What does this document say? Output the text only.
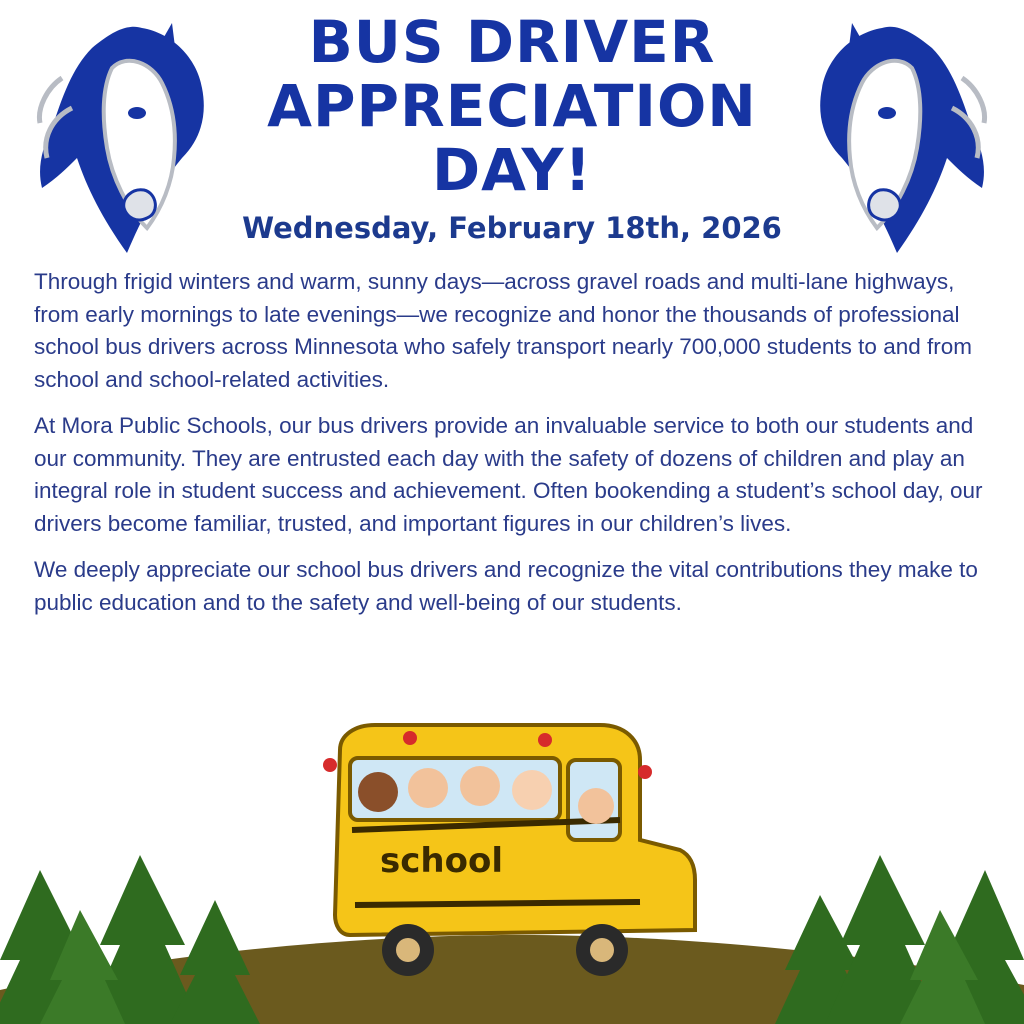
BUS DRIVER
APPRECIATION
DAY!
Wednesday, February 18th, 2026

Through frigid winters and warm, sunny days—across gravel roads and multi-lane highways, from early mornings to late evenings—we recognize and honor the thousands of professional school bus drivers across Minnesota who safely transport nearly 700,000 students to and from school and school-related activities.

At Mora Public Schools, our bus drivers provide an invaluable service to both our students and our community. They are entrusted each day with the safety of dozens of children and play an integral role in student success and achievement. Often bookending a student’s school day, our drivers become familiar, trusted, and important figures in our children’s lives.

We deeply appreciate our school bus drivers and recognize the vital contributions they make to public education and to the safety and well-being of our students.

school
